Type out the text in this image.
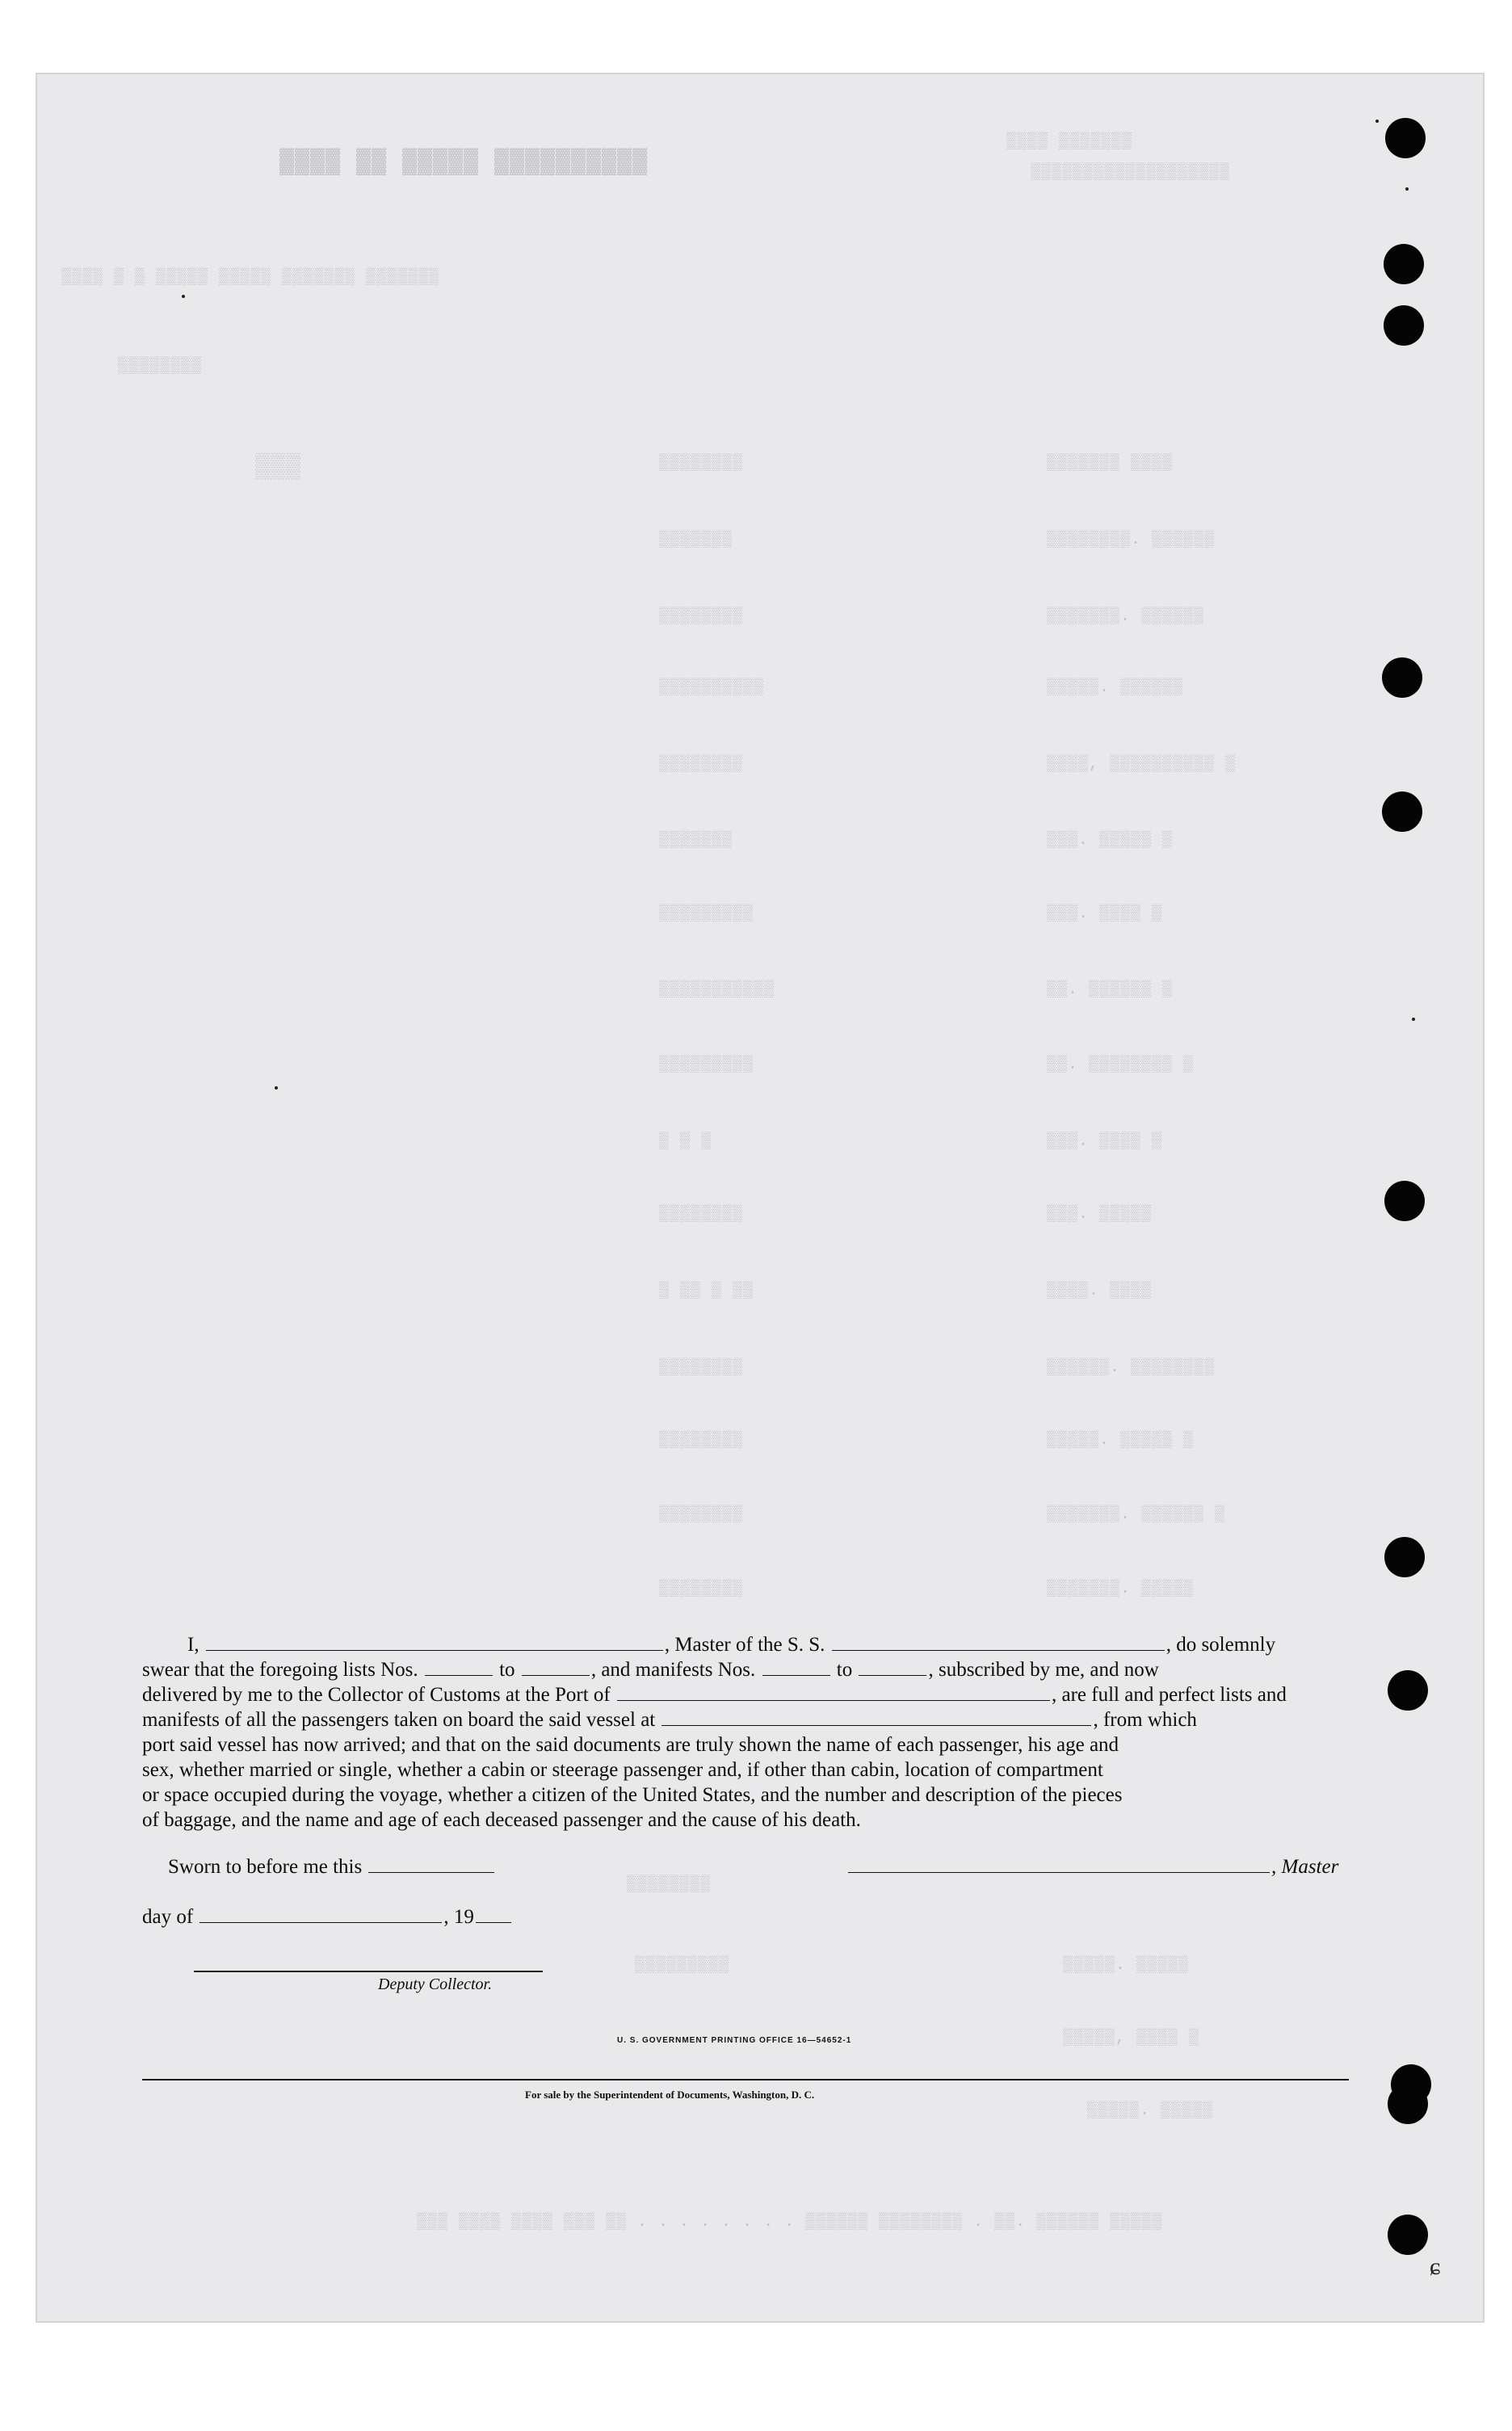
▓▓▓▓ ▓▓ ▓▓▓▓▓ ▓▓▓▓▓▓▓▓▓▓
▒▒▒▒ ▒▒▒▒▒▒▒
▒▒▒▒▒▒▒▒▒▒▒▒▒▒▒▒▒▒▒
▒▒▒▒ ▒ ▒ ▒▒▒▒▒ ▒▒▒▒▒ ▒▒▒▒▒▒▒ ▒▒▒▒▒▒▒
▒▒▒▒▒▒▒▒
▒▒▒	▒▒▒▒▒▒▒▒	▒▒▒▒▒▒▒ ▒▒▒▒
▒▒▒▒▒▒▒	▒▒▒▒▒▒▒▒. ▒▒▒▒▒▒
▒▒▒▒▒▒▒▒	▒▒▒▒▒▒▒. ▒▒▒▒▒▒
▒▒▒▒▒▒▒▒▒▒	▒▒▒▒▒. ▒▒▒▒▒▒
▒▒▒▒▒▒▒▒	▒▒▒▒, ▒▒▒▒▒▒▒▒▒▒ ▒
▒▒▒▒▒▒▒	▒▒▒. ▒▒▒▒▒ ▒
▒▒▒▒▒▒▒▒▒	▒▒▒. ▒▒▒▒ ▒
▒▒▒▒▒▒▒▒▒▒▒	▒▒. ▒▒▒▒▒▒ ▒
▒▒▒▒▒▒▒▒▒	▒▒. ▒▒▒▒▒▒▒▒ ▒
▒ ▒ ▒	▒▒▒. ▒▒▒▒ ▒
▒▒▒▒▒▒▒▒	▒▒▒. ▒▒▒▒▒
▒ ▒▒ ▒ ▒▒	▒▒▒▒. ▒▒▒▒
▒▒▒▒▒▒▒▒	▒▒▒▒▒▒. ▒▒▒▒▒▒▒▒
▒▒▒▒▒▒▒▒	▒▒▒▒▒. ▒▒▒▒▒ ▒
▒▒▒▒▒▒▒▒	▒▒▒▒▒▒▒. ▒▒▒▒▒▒ ▒
▒▒▒▒▒▒▒▒	▒▒▒▒▒▒▒. ▒▒▒▒▒
▒▒▒▒▒▒▒▒
▒▒▒▒▒. ▒▒▒▒▒
▒▒▒▒▒▒▒▒▒
▒▒▒▒▒, ▒▒▒▒ ▒
▒▒▒▒▒. ▒▒▒▒▒
▒▒▒ ▒▒▒▒ ▒▒▒▒ ▒▒▒ ▒▒ . . . . . . . . ▒▒▒▒▒▒ ▒▒▒▒▒▒▒▒ . ▒▒. ▒▒▒▒▒▒ ▒▒▒▒▒

I,	, Master of the S. S.	, do solemnly

swear that the foregoing lists Nos.	to	, and manifests Nos.	to	, subscribed by me, and now

delivered by me to the Collector of Customs at the Port of	, are full and perfect lists and

manifests of all the passengers taken on board the said vessel at	, from which

port said vessel has now arrived; and that on the said documents are truly shown the name of each passenger, his age and

sex, whether married or single, whether a cabin or steerage passenger and, if other than cabin, location of compartment

or space occupied during the voyage, whether a citizen of the United States, and the number and description of the pieces

of baggage, and the name and age of each deceased passenger and the cause of his death.

Sworn to before me this	, Master
day of	, 19
Deputy Collector.
U. S. GOVERNMENT PRINTING OFFICE 16—54652-1
For sale by the Superintendent of Documents, Washington, D. C.
ɕ
